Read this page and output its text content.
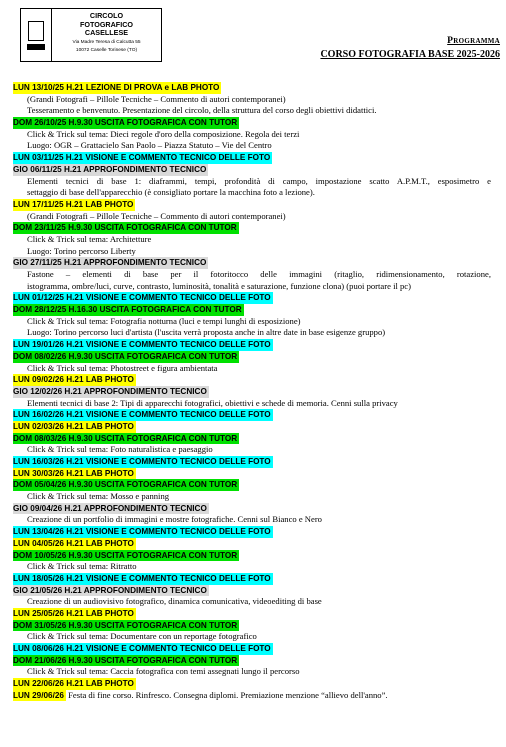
CIRCOLO
FOTOGRAFICO
CASELLESE
Via Madre Teresa di Calcutta 55
10072 Caselle Torinese (TO)
Programma
CORSO FOTOGRAFIA BASE 2025-2026
LUN 13/10/25 H.21 LEZIONE DI PROVA e LAB PHOTO
(Grandi Fotografi – Pillole Tecniche – Commento di autori contemporanei)
Tesseramento e benvenuto. Presentazione del circolo, della struttura del corso degli obiettivi didattici.
DOM 26/10/25 H.9.30 USCITA FOTOGRAFICA CON TUTOR
Click & Trick sul tema: Dieci regole d'oro della composizione. Regola dei terzi
Luogo: OGR – Grattacielo San Paolo – Piazza Statuto – Vie del Centro
LUN 03/11/25 H.21 VISIONE E COMMENTO TECNICO DELLE FOTO
GIO 06/11/25 H.21 APPROFONDIMENTO TECNICO
Elementi tecnici di base 1: diaframmi, tempi, profondità di campo, impostazione scatto A.P.M.T., esposimetro e
settaggio di base dell'apparecchio (è consigliato portare la macchina foto a lezione).
LUN 17/11/25 H.21 LAB PHOTO
(Grandi Fotografi – Pillole Tecniche – Commento di autori contemporanei)
DOM 23/11/25 H.9.30 USCITA FOTOGRAFICA CON TUTOR
Click & Trick sul tema: Architetture
Luogo: Torino percorso Liberty
GIO 27/11/25 H.21 APPROFONDIMENTO TECNICO
Fastone – elementi di base per il fotoritocco delle immagini (ritaglio, ridimensionamento, rotazione,
istogramma, ombre/luci, curve, contrasto, luminosità, tonalità e saturazione, funzione clona) (puoi portare il pc)
LUN 01/12/25 H.21 VISIONE E COMMENTO TECNICO DELLE FOTO
DOM 28/12/25 H.16.30 USCITA FOTOGRAFICA CON TUTOR
Click & Trick sul tema: Fotografia notturna (luci e tempi lunghi di esposizione)
Luogo: Torino percorso luci d'artista (l'uscita verrà proposta anche in altre date in base esigenze gruppo)
LUN 19/01/26 H.21 VISIONE E COMMENTO TECNICO DELLE FOTO
DOM 08/02/26 H.9.30 USCITA FOTOGRAFICA CON TUTOR
Click & Trick sul tema: Photostreet e figura ambientata
LUN 09/02/26 H.21 LAB PHOTO
GIO 12/02/26 H.21 APPROFONDIMENTO TECNICO
Elementi tecnici di base 2: Tipi di apparecchi fotografici, obiettivi e schede di memoria. Cenni sulla privacy
LUN 16/02/26 H.21 VISIONE E COMMENTO TECNICO DELLE FOTO
LUN 02/03/26 H.21 LAB PHOTO
DOM 08/03/26 H.9.30 USCITA FOTOGRAFICA CON TUTOR
Click & Trick sul tema: Foto naturalistica e paesaggio
LUN 16/03/26 H.21 VISIONE E COMMENTO TECNICO DELLE FOTO
LUN 30/03/26 H.21 LAB PHOTO
DOM 05/04/26 H.9.30 USCITA FOTOGRAFICA CON TUTOR
Click & Trick sul tema: Mosso e panning
GIO 09/04/26 H.21 APPROFONDIMENTO TECNICO
Creazione di un portfolio di immagini e mostre fotografiche. Cenni sul Bianco e Nero
LUN 13/04/26 H.21 VISIONE E COMMENTO TECNICO DELLE FOTO
LUN 04/05/26 H.21 LAB PHOTO
DOM 10/05/26 H.9.30 USCITA FOTOGRAFICA CON TUTOR
Click & Trick sul tema: Ritratto
LUN 18/05/26 H.21 VISIONE E COMMENTO TECNICO DELLE FOTO
GIO 21/05/26 H.21 APPROFONDIMENTO TECNICO
Creazione di un audiovisivo fotografico, dinamica comunicativa, videoediting di base
LUN 25/05/26 H.21 LAB PHOTO
DOM 31/05/26 H.9.30 USCITA FOTOGRAFICA CON TUTOR
Click & Trick sul tema: Documentare con un reportage fotografico
LUN 08/06/26 H.21 VISIONE E COMMENTO TECNICO DELLE FOTO
DOM 21/06/26 H.9.30 USCITA FOTOGRAFICA CON TUTOR
Click & Trick sul tema: Caccia fotografica con temi assegnati lungo il percorso
LUN 22/06/26 H.21 LAB PHOTO
LUN 29/06/26 Festa di fine corso. Rinfresco. Consegna diplomi. Premiazione menzione “allievo dell'anno”.
